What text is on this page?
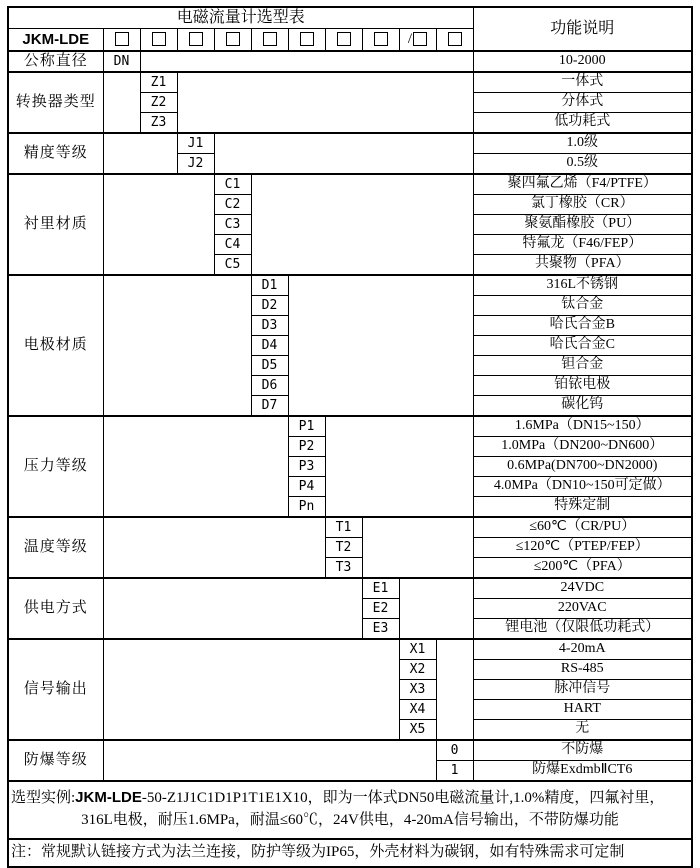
电磁流量计选型表											功能说明
JKM-LDE									/		
公称直径	DN										10-2000
转换器类型		Z1									一体式
		Z2									分体式
		Z3									低功耗式
精度等级			J1								1.0级
			J2								0.5级
衬里材质				C1							聚四氟乙烯（F4/PTFE）
				C2							氯丁橡胶（CR）
				C3							聚氨酯橡胶（PU）
				C4							特氟龙（F46/FEP）
				C5							共聚物（PFA）
电极材质					D1						316L不锈钢
					D2						钛合金
					D3						哈氏合金B
					D4						哈氏合金C
					D5						钽合金
					D6						铂铱电极
					D7						碳化钨
压力等级						P1					1.6MPa（DN15~150）
						P2					1.0MPa（DN200~DN600）
						P3					0.6MPa(DN700~DN2000)
						P4					4.0MPa（DN10~150可定做）
						Pn					特殊定制
温度等级							T1				≤60℃（CR/PU）
							T2				≤120℃（PTEP/FEP）
							T3				≤200℃（PFA）
供电方式								E1			24VDC
								E2			220VAC
								E3			锂电池（仅限低功耗式）
信号输出									X1		4-20mA
									X2		RS-485
									X3		脉冲信号
									X4		HART
									X5		无
防爆等级										0	不防爆
										1	防爆ExdmbⅡCT6

选型实例:JKM-LDE-50-Z1J1C1D1P1T1E1X10，即为一体式DN50电磁流量计,1.0%精度，四氟衬里，
316L电极，耐压1.6MPa，耐温≤60℃，24V供电，4-20mA信号输出，不带防爆功能											

注：常规默认链接方式为法兰连接，防护等级为IP65，外壳材料为碳钢，如有特殊需求可定制											
